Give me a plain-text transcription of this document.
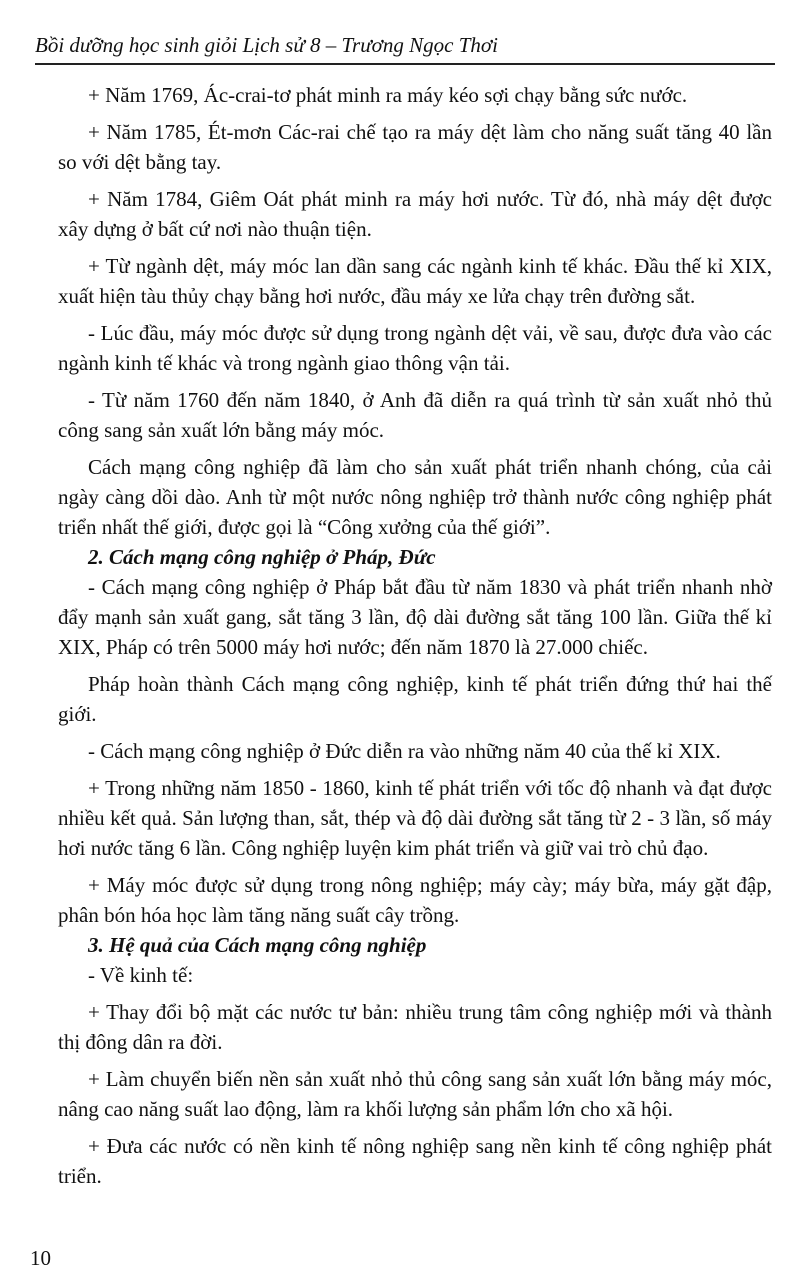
Bồi dưỡng học sinh giỏi Lịch sử 8 – Trương Ngọc Thơi

+ Năm 1769, Ác-crai-tơ phát minh ra máy kéo sợi chạy bằng sức nước.

+ Năm 1785, Ét-mơn Các-rai chế tạo ra máy dệt làm cho năng suất tăng 40 lần so với dệt bằng tay.

+ Năm 1784, Giêm Oát phát minh ra máy hơi nước. Từ đó, nhà máy dệt được xây dựng ở bất cứ nơi nào thuận tiện.

+ Từ ngành dệt, máy móc lan dần sang các ngành kinh tế khác. Đầu thế kỉ XIX, xuất hiện tàu thủy chạy bằng hơi nước, đầu máy xe lửa chạy trên đường sắt.

- Lúc đầu, máy móc được sử dụng trong ngành dệt vải, về sau, được đưa vào các ngành kinh tế khác và trong ngành giao thông vận tải.

- Từ năm 1760 đến năm 1840, ở Anh đã diễn ra quá trình từ sản xuất nhỏ thủ công sang sản xuất lớn bằng máy móc.

Cách mạng công nghiệp đã làm cho sản xuất phát triển nhanh chóng, của cải ngày càng dồi dào. Anh từ một nước nông nghiệp trở thành nước công nghiệp phát triển nhất thế giới, được gọi là “Công xưởng của thế giới”.

2. Cách mạng công nghiệp ở Pháp, Đức

- Cách mạng công nghiệp ở Pháp bắt đầu từ năm 1830 và phát triển nhanh nhờ đẩy mạnh sản xuất gang, sắt tăng 3 lần, độ dài đường sắt tăng 100 lần. Giữa thế kỉ XIX, Pháp có trên 5000 máy hơi nước; đến năm 1870 là 27.000 chiếc.

Pháp hoàn thành Cách mạng công nghiệp, kinh tế phát triển đứng thứ hai thế giới.

- Cách mạng công nghiệp ở Đức diễn ra vào những năm 40 của thế kỉ XIX.

+ Trong những năm 1850 - 1860, kinh tế phát triển với tốc độ nhanh và đạt được nhiều kết quả. Sản lượng than, sắt, thép và độ dài đường sắt tăng từ 2 - 3 lần, số máy hơi nước tăng 6 lần. Công nghiệp luyện kim phát triển và giữ vai trò chủ đạo.

+ Máy móc được sử dụng trong nông nghiệp; máy cày; máy bừa, máy gặt đập, phân bón hóa học làm tăng năng suất cây trồng.

3. Hệ quả của Cách mạng công nghiệp

- Về kinh tế:

+ Thay đổi bộ mặt các nước tư bản: nhiều trung tâm công nghiệp mới và thành thị đông dân ra đời.

+ Làm chuyển biến nền sản xuất nhỏ thủ công sang sản xuất lớn bằng máy móc, nâng cao năng suất lao động, làm ra khối lượng sản phẩm lớn cho xã hội.

+ Đưa các nước có nền kinh tế nông nghiệp sang nền kinh tế công nghiệp phát triển.

10
